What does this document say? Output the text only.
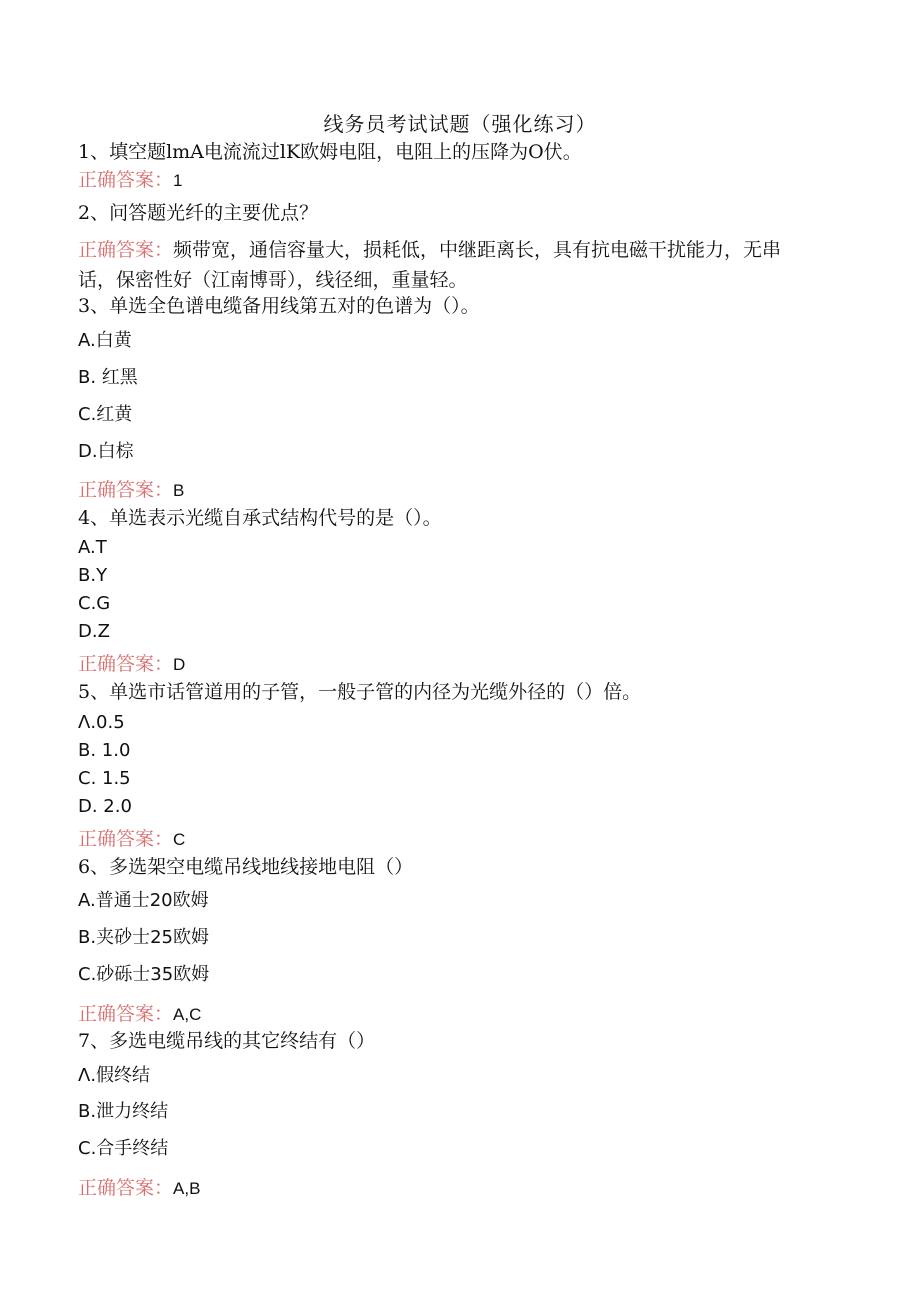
线务员考试试题（强化练习）
1、填空题lmA电流流过lK欧姆电阻，电阻上的压降为O伏。
正确答案：1
2、问答题光纤的主要优点？
正确答案：频带宽，通信容量大，损耗低，中继距离长，具有抗电磁干扰能力，无串话，保密性好（江南博哥），线径细，重量轻。
3、单选全色谱电缆备用线第五对的色谱为（）。
A.白黄
B. 红黑
C.红黄
D.白棕
正确答案：B
4、单选表示光缆自承式结构代号的是（）。
A.T
B.Y
C.G
D.Z
正确答案：D
5、单选市话管道用的子管，一般子管的内径为光缆外径的（）倍。
Λ.0.5
B. 1.0
C. 1.5
D. 2.0
正确答案：C
6、多选架空电缆吊线地线接地电阻（）
A.普通士20欧姆
B.夹砂士25欧姆
C.砂砾士35欧姆
正确答案：A,C
7、多选电缆吊线的其它终结有（）
Λ.假终结
B.泄力终结
C.合手终结
正确答案：A,B
